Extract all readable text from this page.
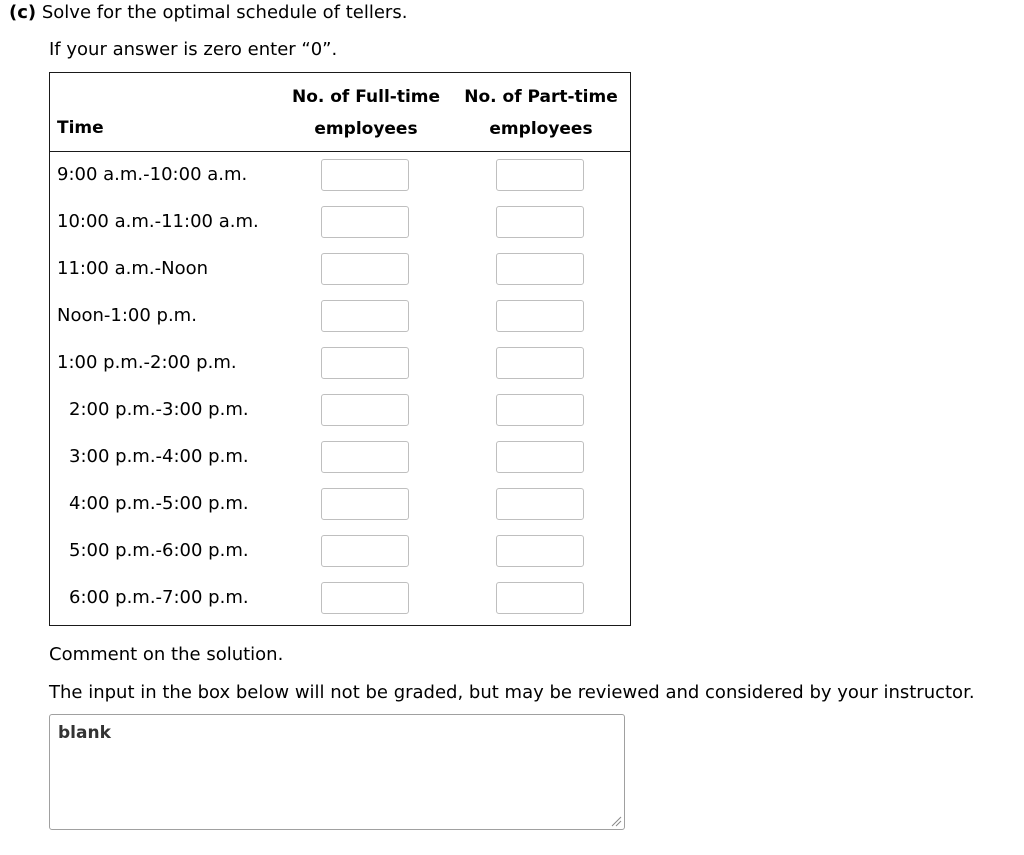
(c) Solve for the optimal schedule of tellers.
If your answer is zero enter “0”.
Time
No. of Full-time
employees
No. of Part-time
employees
9:00 a.m.-10:00 a.m.
10:00 a.m.-11:00 a.m.
11:00 a.m.-Noon
Noon-1:00 p.m.
1:00 p.m.-2:00 p.m.
2:00 p.m.-3:00 p.m.
3:00 p.m.-4:00 p.m.
4:00 p.m.-5:00 p.m.
5:00 p.m.-6:00 p.m.
6:00 p.m.-7:00 p.m.
Comment on the solution.
The input in the box below will not be graded, but may be reviewed and considered by your instructor.
blank
